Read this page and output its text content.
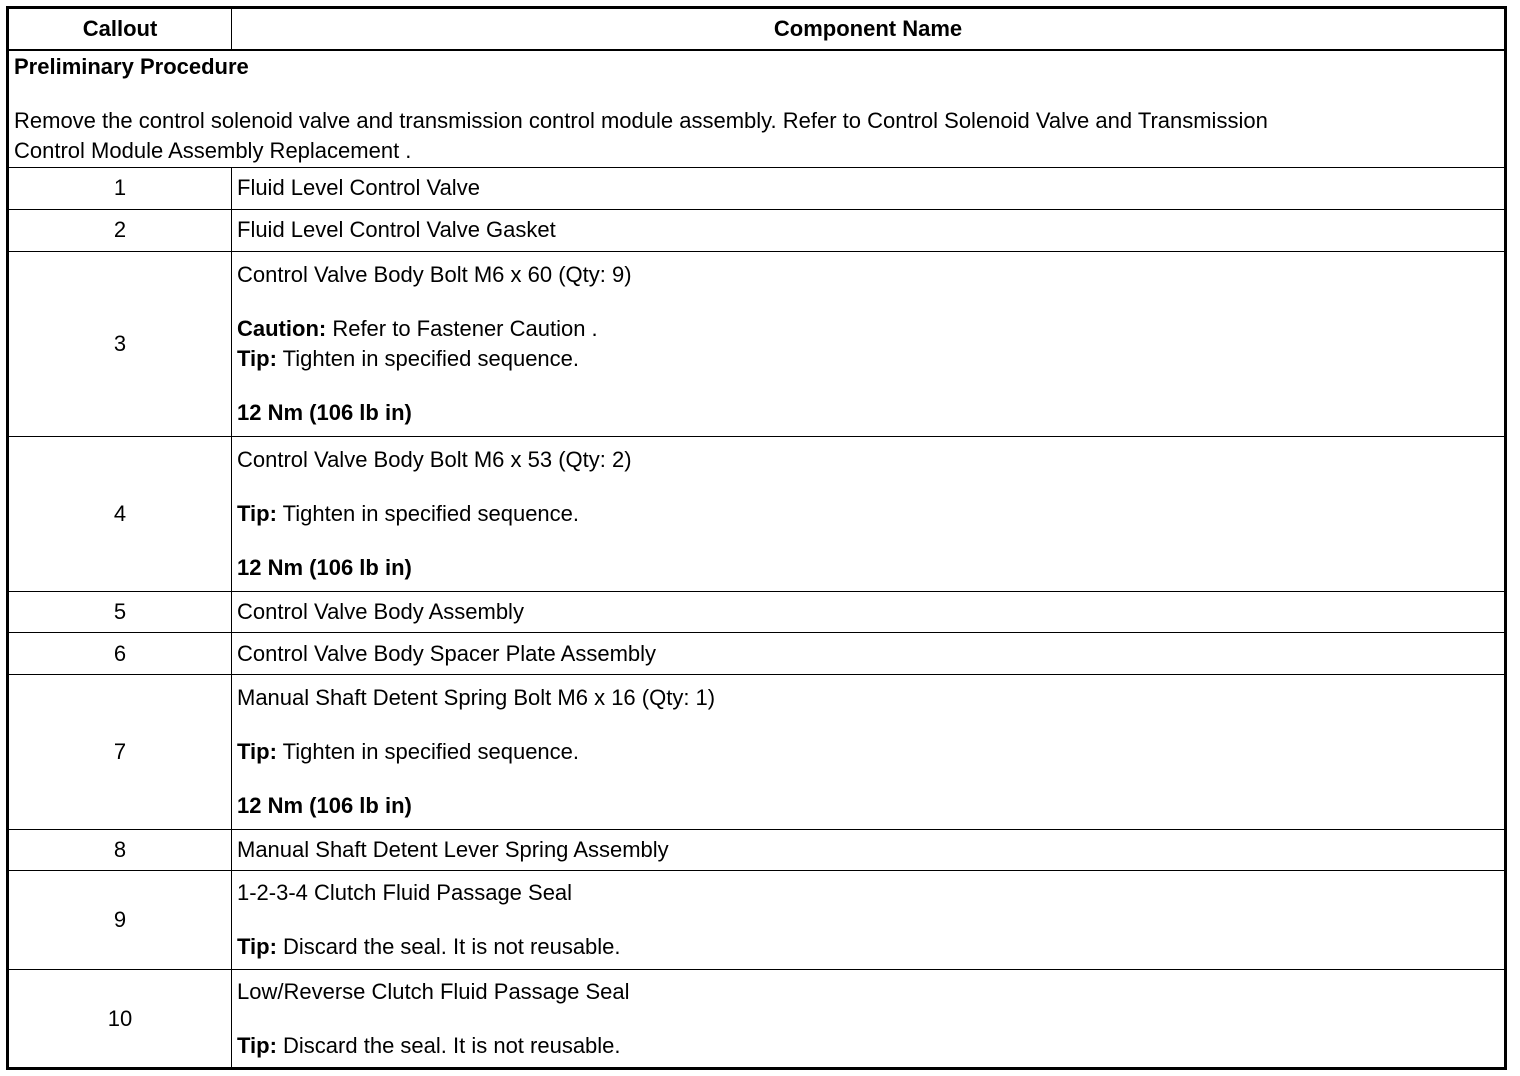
Callout	Component Name

Preliminary Procedure

Remove the control solenoid valve and transmission control module assembly. Refer to Control Solenoid Valve and Transmission

Control Module Assembly Replacement .	

1	Fluid Level Control Valve
2	Fluid Level Control Valve Gasket
3	Control Valve Body Bolt M6 x 60 (Qty: 9)

Caution: Refer to Fastener Caution .

Tip: Tighten in specified sequence.

12 Nm (106 lb in)

4	Control Valve Body Bolt M6 x 53 (Qty: 2)

Tip: Tighten in specified sequence.

12 Nm (106 lb in)

5	Control Valve Body Assembly
6	Control Valve Body Spacer Plate Assembly
7	Manual Shaft Detent Spring Bolt M6 x 16 (Qty: 1)

Tip: Tighten in specified sequence.

12 Nm (106 lb in)

8	Manual Shaft Detent Lever Spring Assembly
9	1-2-3-4 Clutch Fluid Passage Seal

Tip: Discard the seal. It is not reusable.

10	Low/Reverse Clutch Fluid Passage Seal

Tip: Discard the seal. It is not reusable.
